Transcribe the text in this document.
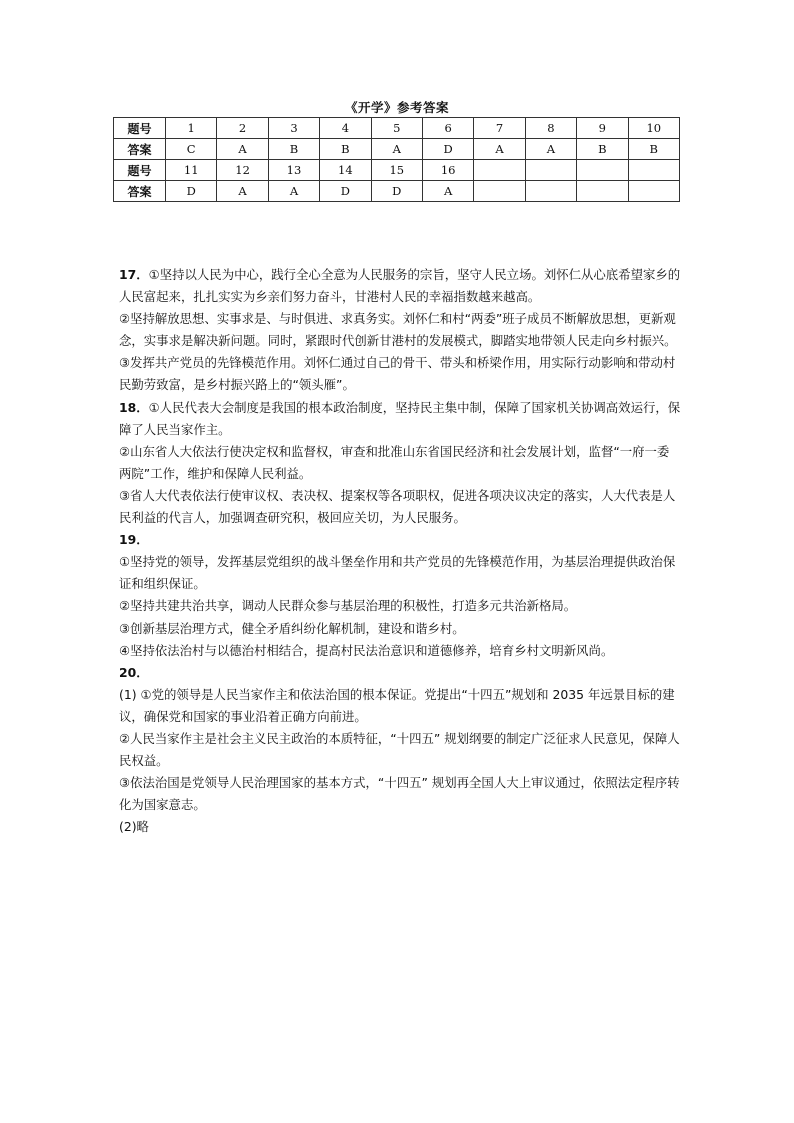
《开学》参考答案
题号	1	2	3	4	5	6	7	8	9	10
答案	C	A	B	B	A	D	A	A	B	B
题号	11	12	13	14	15	16				
答案	D	A	A	D	D	A				

17．①坚持以人民为中心，践行全心全意为人民服务的宗旨，坚守人民立场。刘怀仁从心底希望家乡的人民富起来，扎扎实实为乡亲们努力奋斗，甘港村人民的幸福指数越来越高。

②坚持解放思想、实事求是、与时俱进、求真务实。刘怀仁和村“两委”班子成员不断解放思想，更新观念，实事求是解决新问题。同时，紧跟时代创新甘港村的发展模式，脚踏实地带领人民走向乡村振兴。

③发挥共产党员的先锋模范作用。刘怀仁通过自己的骨干、带头和桥梁作用，用实际行动影响和带动村民勤劳致富，是乡村振兴路上的“领头雁”。

18．①人民代表大会制度是我国的根本政治制度，坚持民主集中制，保障了国家机关协调高效运行，保障了人民当家作主。

②山东省人大依法行使决定权和监督权，审查和批准山东省国民经济和社会发展计划，监督“一府一委两院”工作，维护和保障人民利益。

③省人大代表依法行使审议权、表决权、提案权等各项职权，促进各项决议决定的落实，人大代表是人民利益的代言人，加强调查研究积，极回应关切，为人民服务。

19．

①坚持党的领导，发挥基层党组织的战斗堡垒作用和共产党员的先锋模范作用，为基层治理提供政治保证和组织保证。

②坚持共建共治共享，调动人民群众参与基层治理的积极性，打造多元共治新格局。

③创新基层治理方式，健全矛盾纠纷化解机制，建设和谐乡村。

④坚持依法治村与以德治村相结合，提高村民法治意识和道德修养，培育乡村文明新风尚。

20．

(1) ①党的领导是人民当家作主和依法治国的根本保证。党提出“十四五”规划和 2035 年远景目标的建议，确保党和国家的事业沿着正确方向前进。

②人民当家作主是社会主义民主政治的本质特征，“十四五” 规划纲要的制定广泛征求人民意见，保障人民权益。

③依法治国是党领导人民治理国家的基本方式，“十四五” 规划再全国人大上审议通过，依照法定程序转化为国家意志。

(2)略
